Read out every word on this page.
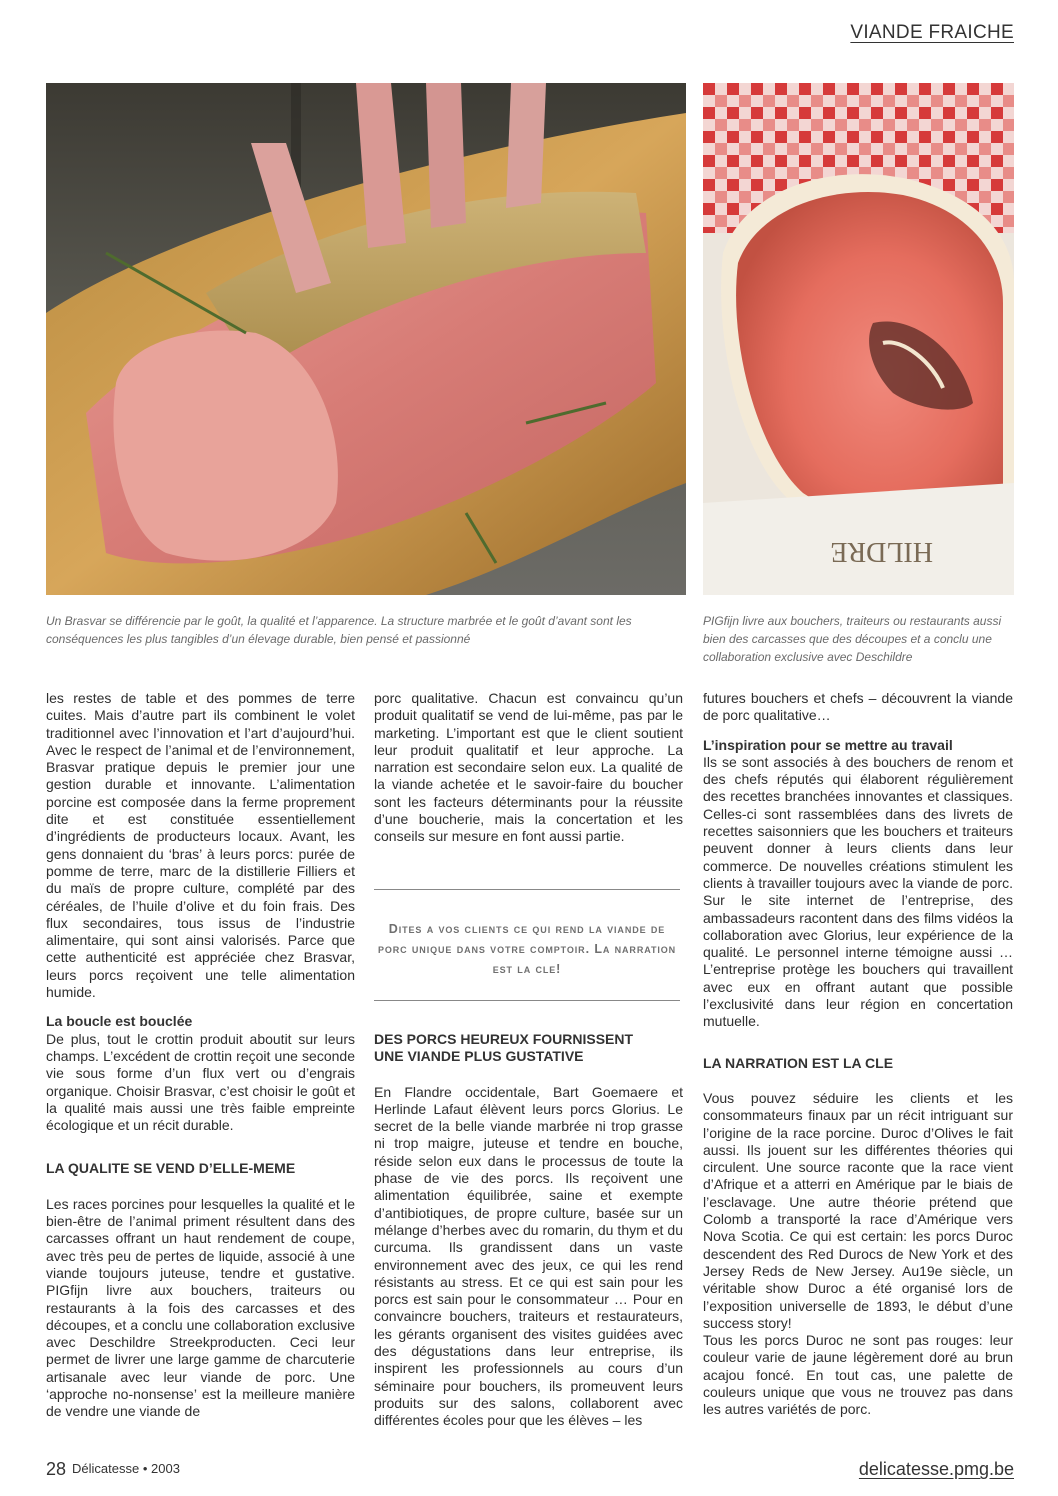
VIANDE FRAICHE
HILDRE
Un Brasvar se différencie par le goût, la qualité et l’apparence. La structure marbrée et le goût d’avant sont les conséquences les plus tangibles d’un élevage durable, bien pensé et passionné
PIGfijn livre aux bouchers, traiteurs ou restaurants aussi bien des carcasses que des découpes et a conclu une collaboration exclusive avec Deschildre

les restes de table et des pommes de terre cuites. Mais d’autre part ils combinent le volet traditionnel avec l’innovation et l’art d’aujourd’hui. Avec le respect de l’animal et de l’environnement, Brasvar pratique depuis le premier jour une gestion durable et innovante. L’alimentation porcine est composée dans la ferme proprement dite et est constituée essentiellement d’ingrédients de producteurs locaux. Avant, les gens donnaient du ‘bras’ à leurs porcs: purée de pomme de terre, marc de la distillerie Filliers et du maïs de propre culture, complété par des céréales, de l’huile d’olive et du foin frais. Des flux secondaires, tous issus de l’industrie alimentaire, qui sont ainsi valorisés. Parce que cette authenticité est appréciée chez Brasvar, leurs porcs reçoivent une telle alimentation humide.

La boucle est bouclée

De plus, tout le crottin produit aboutit sur leurs champs. L’excédent de crottin reçoit une seconde vie sous forme d’un flux vert ou d’engrais organique. Choisir Brasvar, c’est choisir le goût et la qualité mais aussi une très faible empreinte écologique et un récit durable.

LA QUALITE SE VEND D’ELLE-MEME

Les races porcines pour lesquelles la qualité et le bien-être de l’animal priment résultent dans des carcasses offrant un haut rendement de coupe, avec très peu de pertes de liquide, associé à une viande toujours juteuse, tendre et gustative. PIGfijn livre aux bouchers, traiteurs ou restaurants à la fois des carcasses et des découpes, et a conclu une collaboration exclusive avec Deschildre Streekproducten. Ceci leur permet de livrer une large gamme de charcuterie artisanale avec leur viande de porc. Une ‘approche no-nonsense’ est la meilleure manière de vendre une viande de

porc qualitative. Chacun est convaincu qu’un produit qualitatif se vend de lui-même, pas par le marketing. L’important est que le client soutient leur produit qualitatif et leur approche. La narration est secondaire selon eux. La qualité de la viande achetée et le savoir-faire du boucher sont les facteurs déterminants pour la réussite d’une boucherie, mais la concertation et les conseils sur mesure en font aussi partie.

Dites a vos clients ce qui rend la viande de porc unique dans votre comptoir. La narration est la cle!
DES PORCS HEUREUX FOURNISSENT
UNE VIANDE PLUS GUSTATIVE

En Flandre occidentale, Bart Goemaere et Herlinde Lafaut élèvent leurs porcs Glorius. Le secret de la belle viande marbrée ni trop grasse ni trop maigre, juteuse et tendre en bouche, réside selon eux dans le processus de toute la phase de vie des porcs. Ils reçoivent une alimentation équilibrée, saine et exempte d’antibiotiques, de propre culture, basée sur un mélange d’herbes avec du romarin, du thym et du curcuma. Ils grandissent dans un vaste environnement avec des jeux, ce qui les rend résistants au stress. Et ce qui est sain pour les porcs est sain pour le consommateur … Pour en convaincre bouchers, traiteurs et restaurateurs, les gérants organisent des visites guidées avec des dégustations dans leur entreprise, ils inspirent les professionnels au cours d’un séminaire pour bouchers, ils promeuvent leurs produits sur des salons, collaborent avec différentes écoles pour que les élèves – les

futures bouchers et chefs – découvrent la viande de porc qualitative…

L’inspiration pour se mettre au travail

Ils se sont associés à des bouchers de renom et des chefs réputés qui élaborent régulièrement des recettes branchées innovantes et classiques. Celles-ci sont rassemblées dans des livrets de recettes saisonniers que les bouchers et traiteurs peuvent donner à leurs clients dans leur commerce. De nouvelles créations stimulent les clients à travailler toujours avec la viande de porc. Sur le site internet de l’entreprise, des ambassadeurs racontent dans des films vidéos la collaboration avec Glorius, leur expérience de la qualité. Le personnel interne témoigne aussi … L’entreprise protège les bouchers qui travaillent avec eux en offrant autant que possible l’exclusivité dans leur région en concertation mutuelle.

LA NARRATION EST LA CLE

Vous pouvez séduire les clients et les consommateurs finaux par un récit intriguant sur l’origine de la race porcine. Duroc d’Olives le fait aussi. Ils jouent sur les différentes théories qui circulent. Une source raconte que la race vient d’Afrique et a atterri en Amérique par le biais de l’esclavage. Une autre théorie prétend que Colomb a transporté la race d’Amérique vers Nova Scotia. Ce qui est certain: les porcs Duroc descendent des Red Durocs de New York et des Jersey Reds de New Jersey. Au19e siècle, un véritable show Duroc a été organisé lors de l’exposition universelle de 1893, le début d’une success story!

Tous les porcs Duroc ne sont pas rouges: leur couleur varie de jaune légèrement doré au brun acajou foncé. En tout cas, une palette de couleurs unique que vous ne trouvez pas dans les autres variétés de porc.

28 Délicatesse • 2003	delicatesse.pmg.be
